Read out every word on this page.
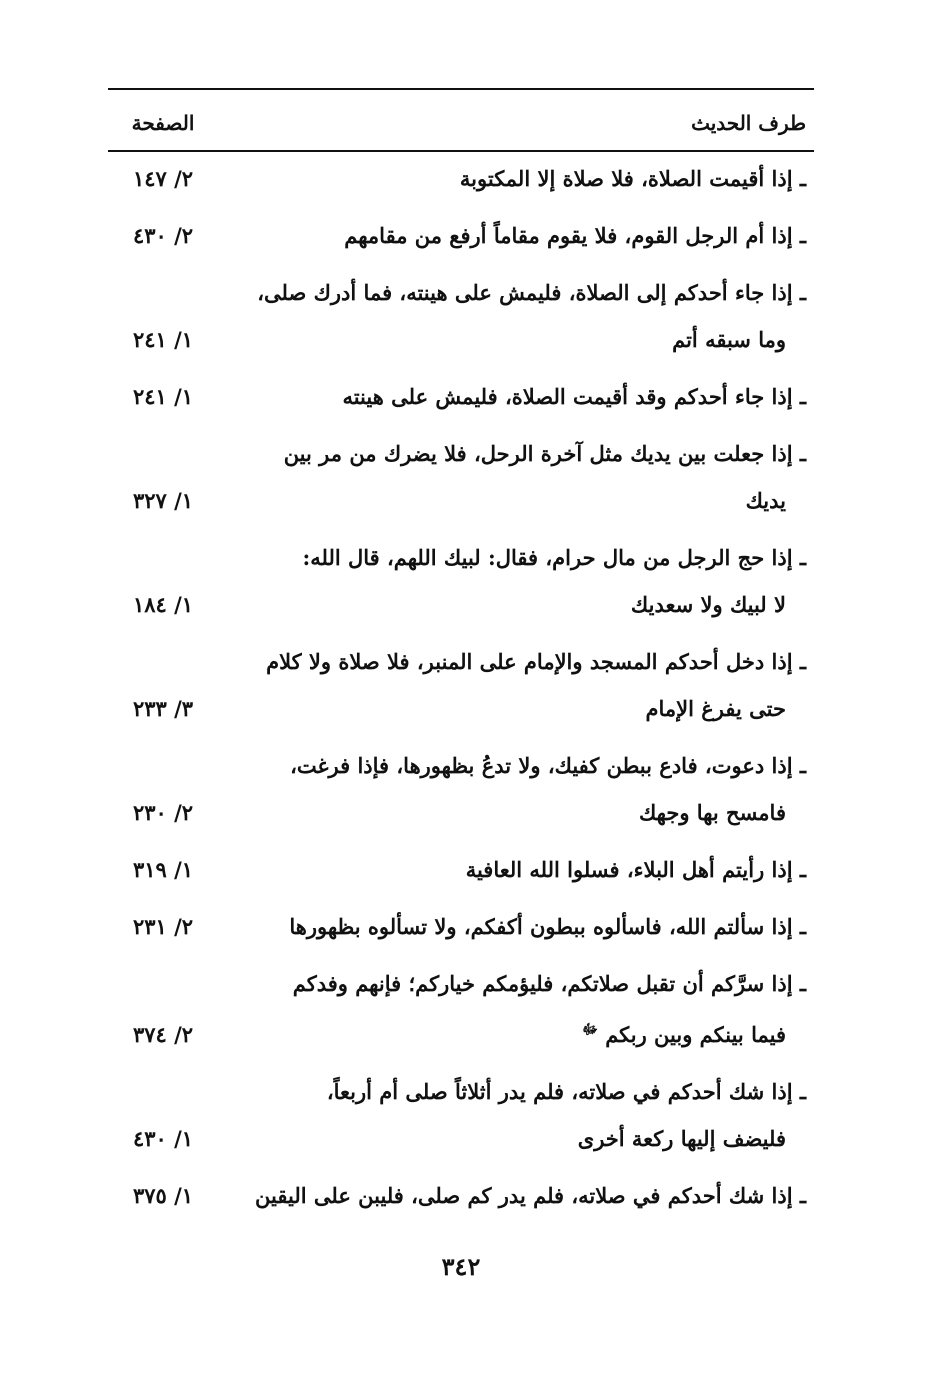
طرف الحديث
الصفحة
ـ إذا أقيمت الصلاة، فلا صلاة إلا المكتوبة
٢/ ١٤٧
ـ إذا أم الرجل القوم، فلا يقوم مقاماً أرفع من مقامهم
٢/ ٤٣٠
ـ إذا جاء أحدكم إلى الصلاة، فليمش على هينته، فما أدرك صلى،
وما سبقه أتم
١/ ٢٤١
ـ إذا جاء أحدكم وقد أقيمت الصلاة، فليمش على هينته
١/ ٢٤١
ـ إذا جعلت بين يديك مثل آخرة الرحل، فلا يضرك من مر بين
يديك
١/ ٣٢٧
ـ إذا حج الرجل من مال حرام، فقال: لبيك اللهم، قال الله:
لا لبيك ولا سعديك
١/ ١٨٤
ـ إذا دخل أحدكم المسجد والإمام على المنبر، فلا صلاة ولا كلام
حتى يفرغ الإمام
٣/ ٢٣٣
ـ إذا دعوت، فادع ببطن كفيك، ولا تدعُ بظهورها، فإذا فرغت،
فامسح بها وجهك
٢/ ٢٣٠
ـ إذا رأيتم أهل البلاء، فسلوا الله العافية
١/ ٣١٩
ـ إذا سألتم الله، فاسألوه ببطون أكفكم، ولا تسألوه بظهورها
٢/ ٢٣١
ـ إذا سرَّكم أن تقبل صلاتكم، فليؤمكم خياركم؛ فإنهم وفدكم
فيما بينكم وبين ربكم $^ﷻ$
٢/ ٣٧٤
ـ إذا شك أحدكم في صلاته، فلم يدر أثلاثاً صلى أم أربعاً،
فليضف إليها ركعة أخرى
١/ ٤٣٠
ـ إذا شك أحدكم في صلاته، فلم يدر كم صلى، فليبن على اليقين
١/ ٣٧٥
٣٤٢
